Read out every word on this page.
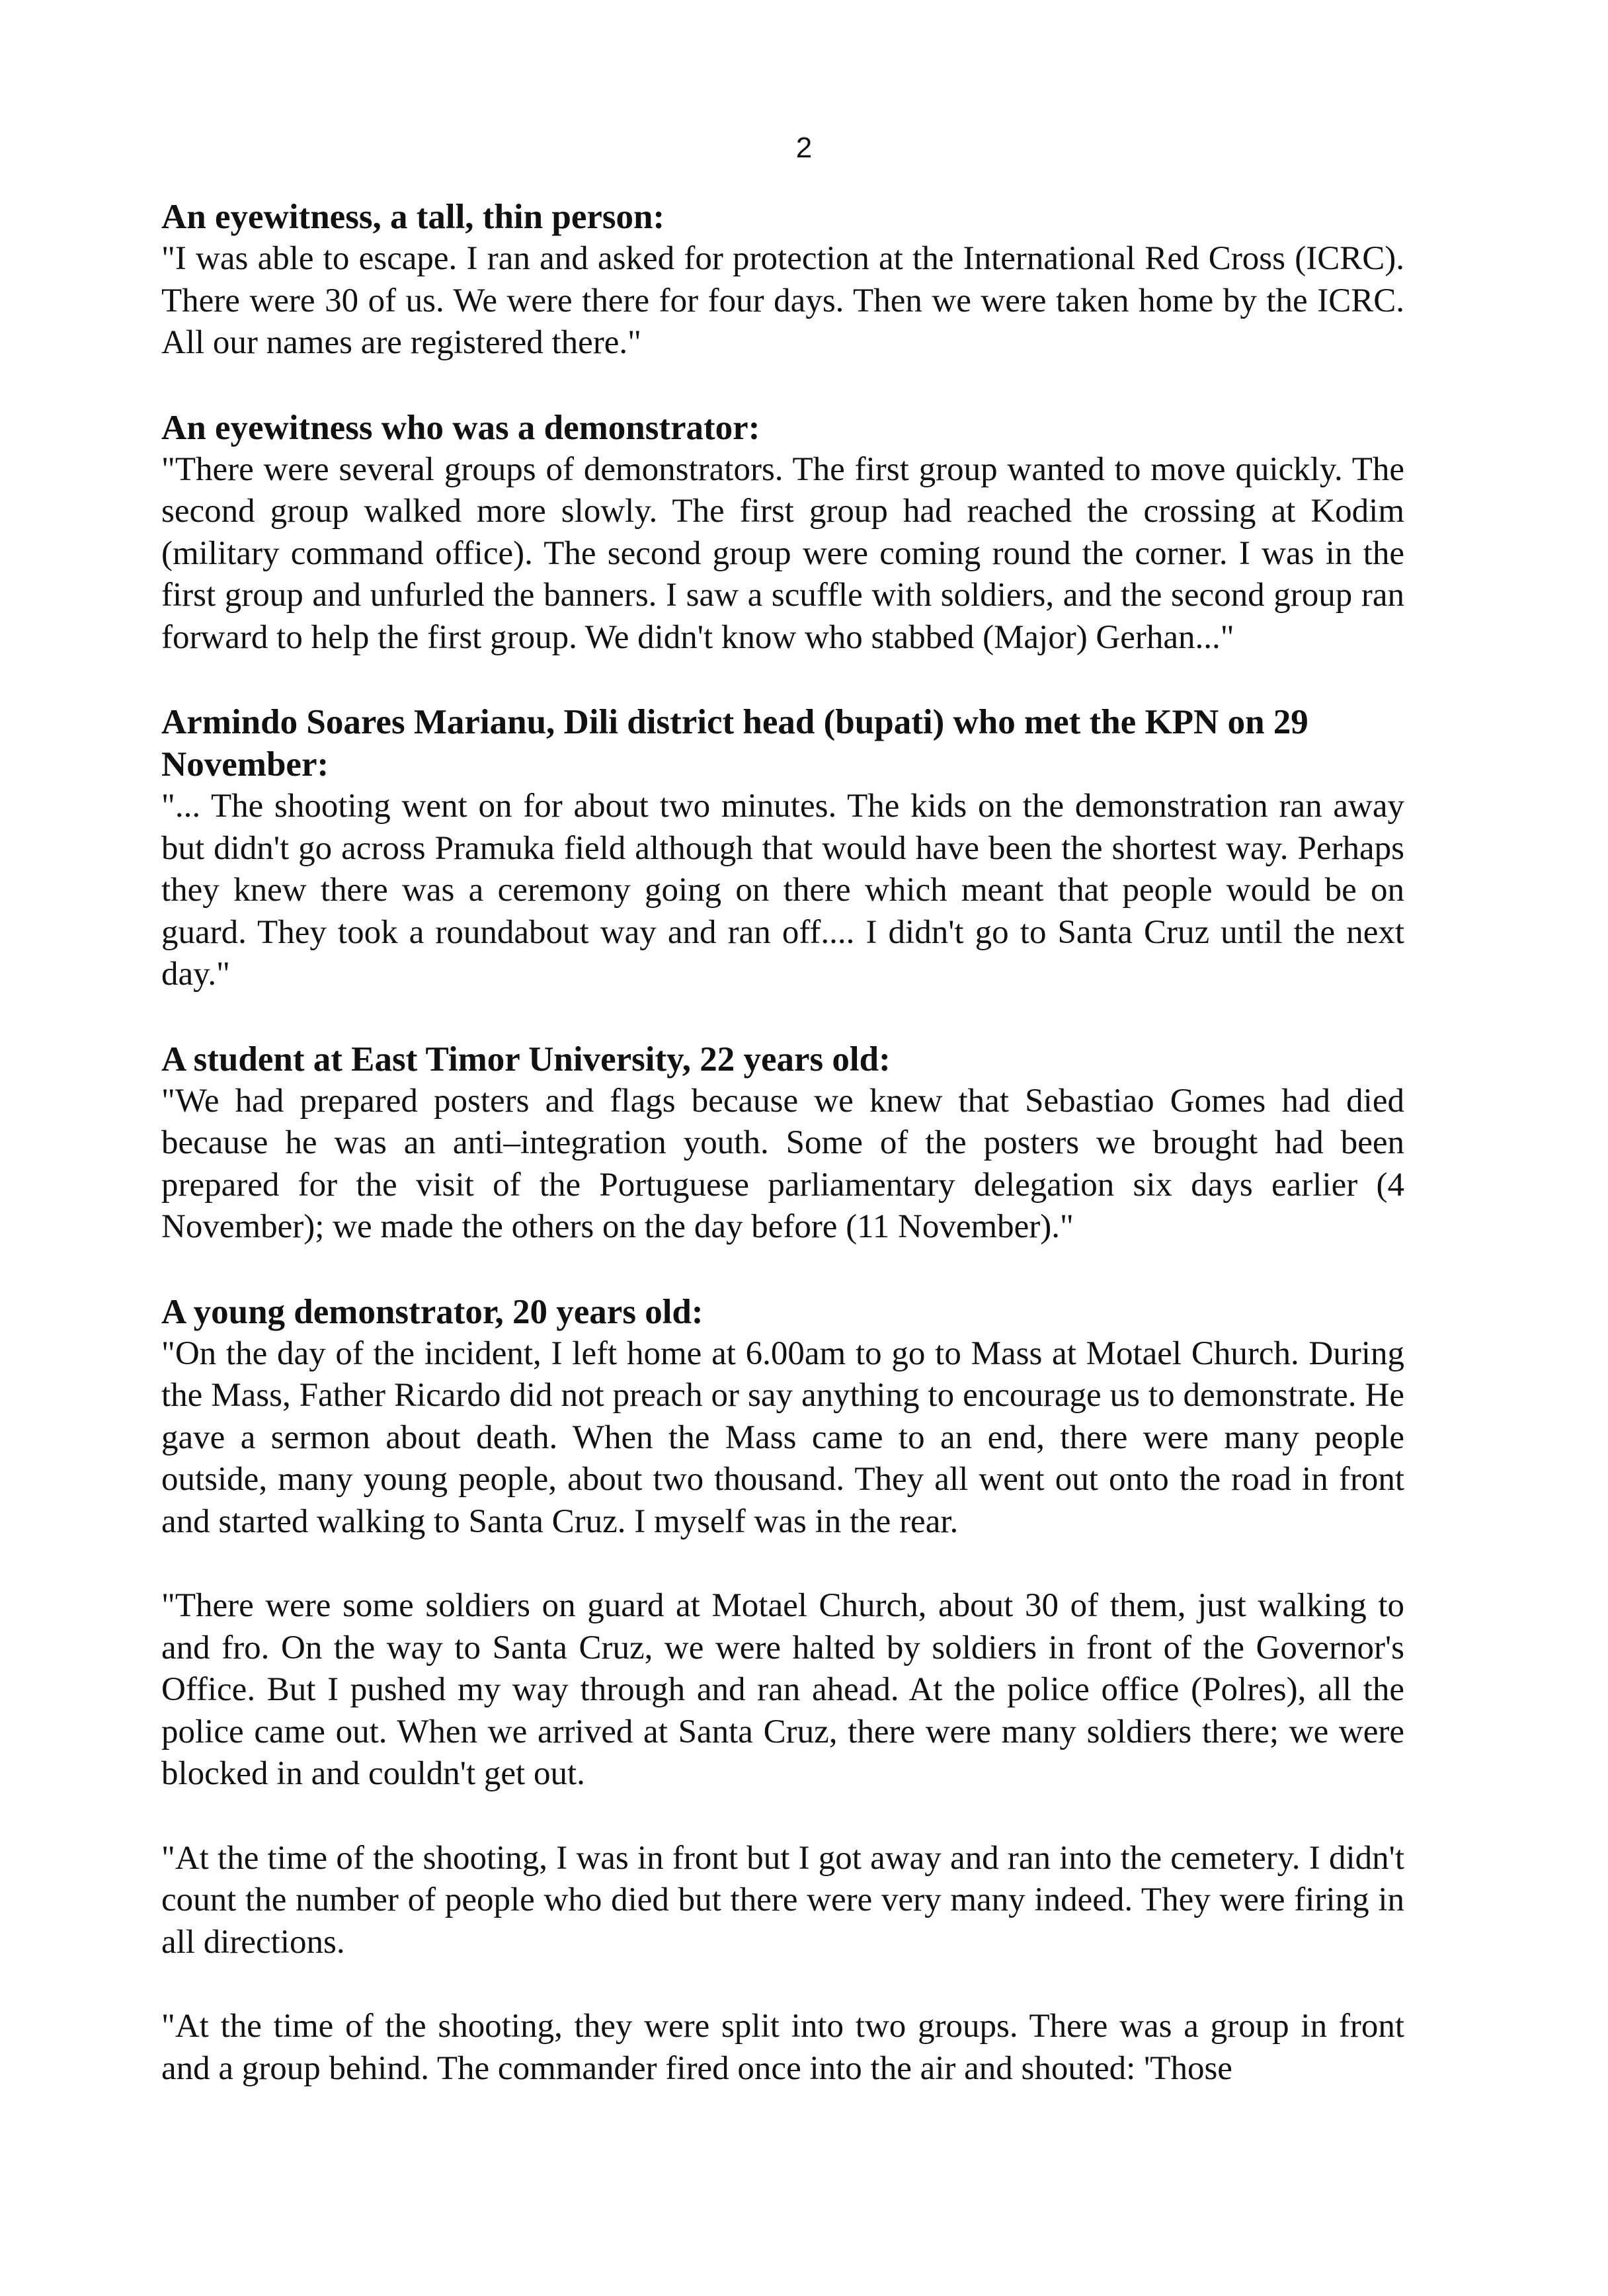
2

An eyewitness, a tall, thin person:

"I was able to escape. I ran and asked for protection at the International Red Cross (ICRC). There were 30 of us. We were there for four days. Then we were taken home by the ICRC. All our names are registered there."

An eyewitness who was a demonstrator:

"There were several groups of demonstrators. The first group wanted to move quickly. The second group walked more slowly. The first group had reached the crossing at Kodim (military command office). The second group were coming round the corner. I was in the first group and unfurled the banners. I saw a scuffle with soldiers, and the second group ran forward to help the first group. We didn't know who stabbed (Major) Gerhan..."

Armindo Soares Marianu, Dili district head (bupati) who met the KPN on 29 November:

"... The shooting went on for about two minutes. The kids on the demonstration ran away but didn't go across Pramuka field although that would have been the shortest way. Perhaps they knew there was a ceremony going on there which meant that people would be on guard. They took a roundabout way and ran off.... I didn't go to Santa Cruz until the next day."

A student at East Timor University, 22 years old:

"We had prepared posters and flags because we knew that Sebastiao Gomes had died because he was an anti–integration youth. Some of the posters we brought had been prepared for the visit of the Portuguese parliamentary delegation six days earlier (4 November); we made the others on the day before (11 November)."

A young demonstrator, 20 years old:

"On the day of the incident, I left home at 6.00am to go to Mass at Motael Church. During the Mass, Father Ricardo did not preach or say anything to encourage us to demonstrate. He gave a sermon about death. When the Mass came to an end, there were many people outside, many young people, about two thousand. They all went out onto the road in front and started walking to Santa Cruz. I myself was in the rear.

"There were some soldiers on guard at Motael Church, about 30 of them, just walking to and fro. On the way to Santa Cruz, we were halted by soldiers in front of the Governor's Office. But I pushed my way through and ran ahead. At the police office (Polres), all the police came out. When we arrived at Santa Cruz, there were many soldiers there; we were blocked in and couldn't get out.

"At the time of the shooting, I was in front but I got away and ran into the cemetery. I didn't count the number of people who died but there were very many indeed. They were firing in all directions.

"At the time of the shooting, they were split into two groups. There was a group in front and a group behind. The commander fired once into the air and shouted: 'Those
